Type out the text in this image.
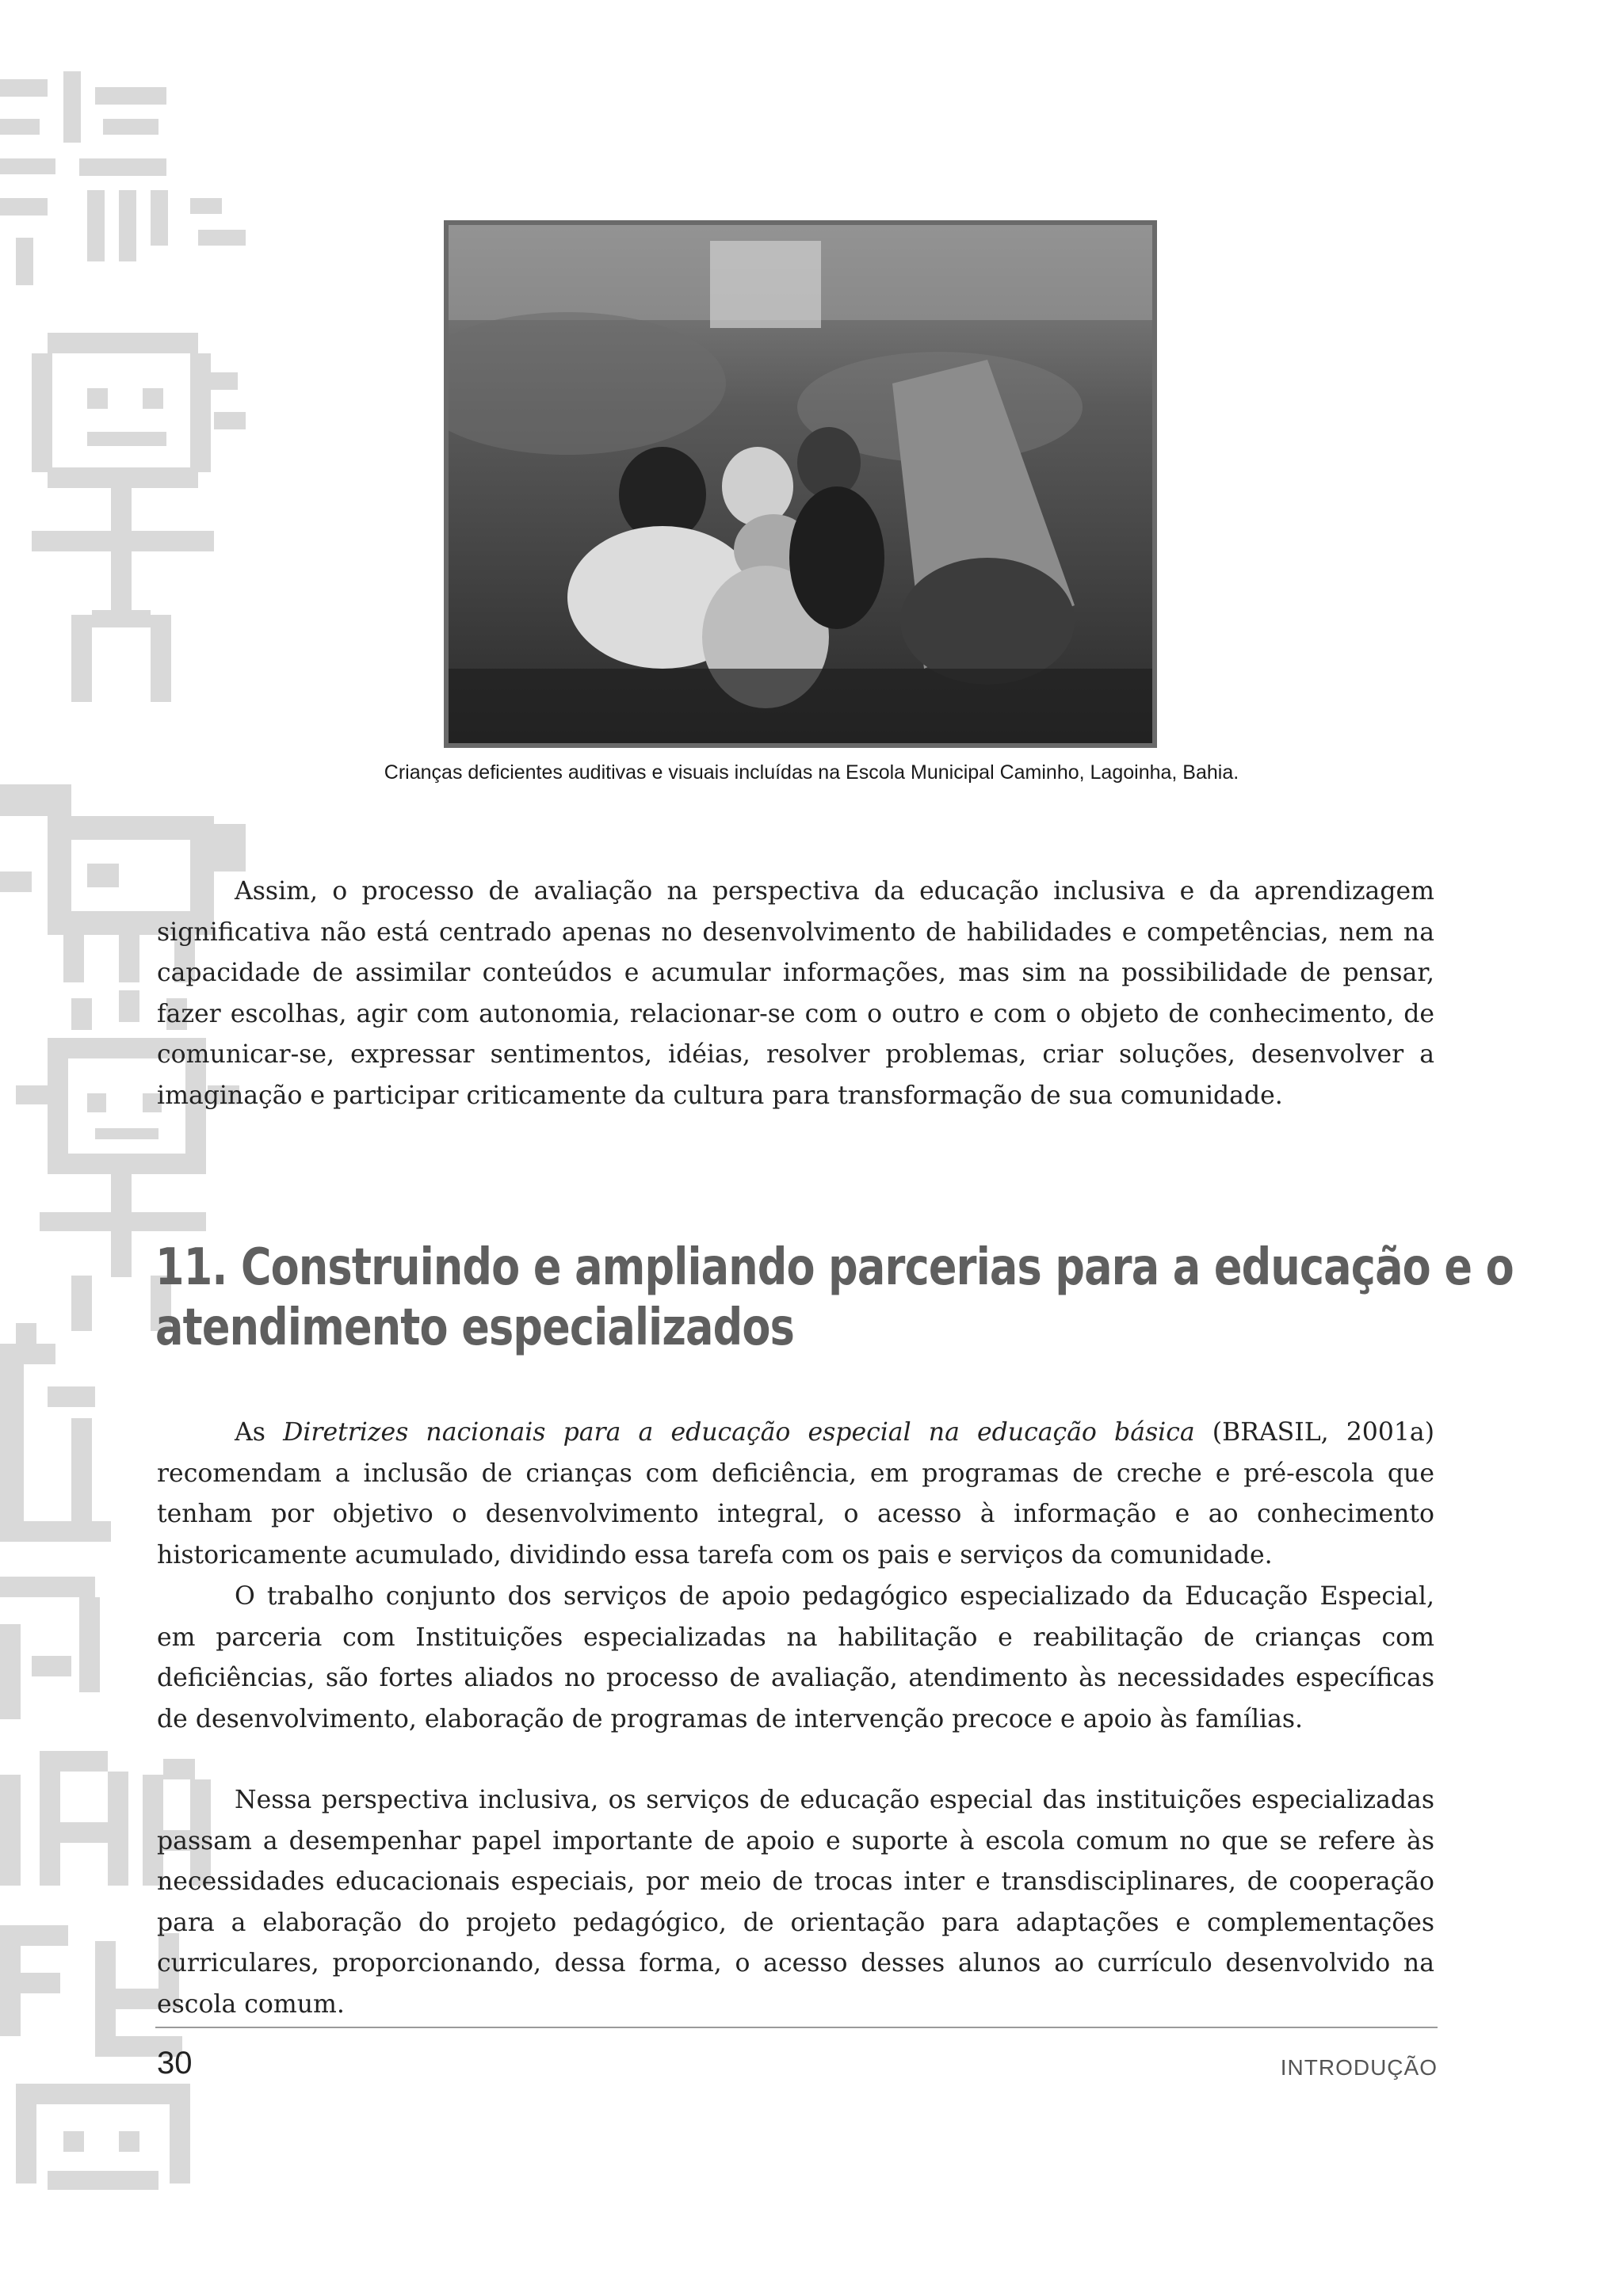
Crianças deficientes auditivas e visuais incluídas na Escola Municipal Caminho, Lagoinha, Bahia.

Assim, o processo de avaliação na perspectiva da educação inclusiva e da aprendizagem significativa não está centrado apenas no desenvolvimento de habilidades e competências, nem na capacidade de assimilar conteúdos e acumular informações, mas sim na possibilidade de pensar, fazer escolhas, agir com autonomia, relacionar-se com o outro e com o objeto de conhecimento, de comunicar-se, expressar sentimentos, idéias, resolver problemas, criar soluções, desenvolver a imaginação e participar criticamente da cultura para transformação de sua comunidade.

11. Construindo e ampliando parcerias para a educação e o
atendimento especializados

As Diretrizes nacionais para a educação especial na educação básica (BRASIL, 2001a) recomendam a inclusão de crianças com deficiência, em programas de creche e pré-escola que tenham por objetivo o desenvolvimento integral, o acesso à informação e ao conhecimento historicamente acumulado, dividindo essa tarefa com os pais e serviços da comunidade.

O trabalho conjunto dos serviços de apoio pedagógico especializado da Educação Especial, em parceria com Instituições especializadas na habilitação e reabilitação de crianças com deficiências, são fortes aliados no processo de avaliação, atendimento às necessidades específicas de desenvolvimento, elaboração de programas de intervenção precoce e apoio às famílias.

Nessa perspectiva inclusiva, os serviços de educação especial das instituições especializadas passam a desempenhar papel importante de apoio e suporte à escola comum no que se refere às necessidades educacionais especiais, por meio de trocas inter e transdisciplinares, de cooperação para a elaboração do projeto pedagógico, de orientação para adaptações e complementações curriculares, proporcionando, dessa forma, o acesso desses alunos ao currículo desenvolvido na escola comum.

30	INTRODUÇÃO
